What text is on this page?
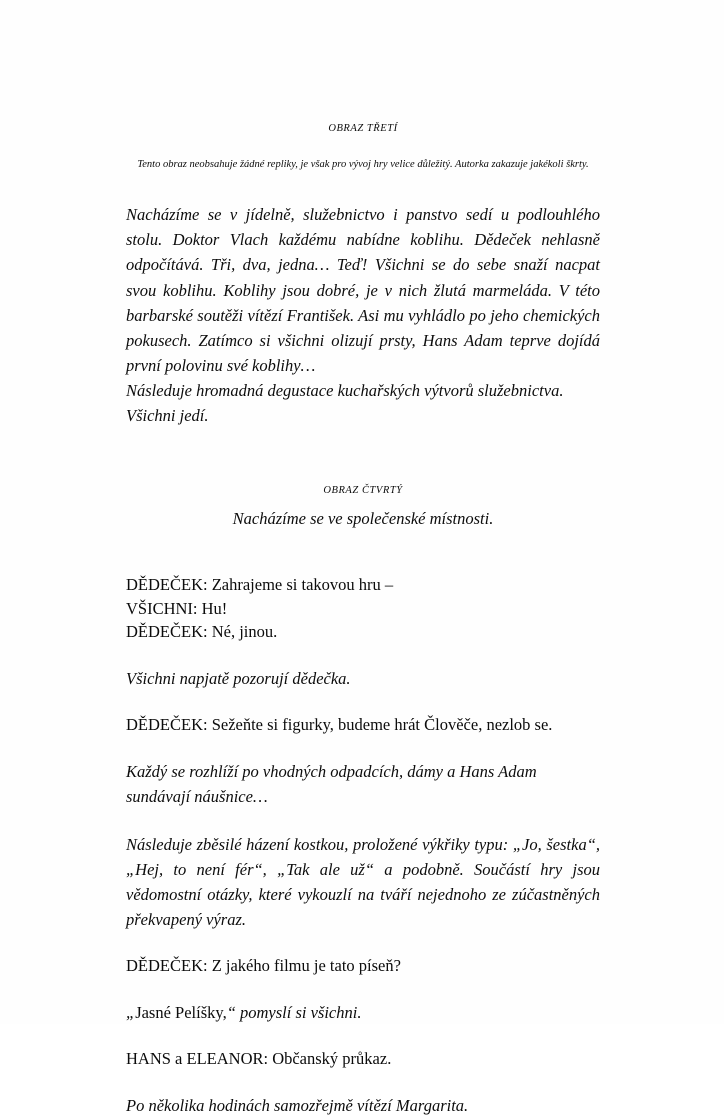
OBRAZ TŘETÍ
Tento obraz neobsahuje žádné repliky, je však pro vývoj hry velice důležitý. Autorka zakazuje jakékoli škrty.
Nacházíme se v jídelně, služebnictvo i panstvo sedí u podlouhlého stolu. Doktor Vlach každému nabídne koblihu. Dědeček nehlasně odpočítává. Tři, dva, jedna… Teď! Všichni se do sebe snaží nacpat svou koblihu. Koblihy jsou dobré, je v nich žlutá marmeláda. V této barbarské soutěži vítězí František. Asi mu vyhládlo po jeho chemických pokusech. Zatímco si všichni olizují prsty, Hans Adam teprve dojídá první polovinu své koblihy…
Následuje hromadná degustace kuchařských výtvorů služebnictva. Všichni jedí.
OBRAZ ČTVRTÝ
Nacházíme se ve společenské místnosti.
DĚDEČEK: Zahrajeme si takovou hru –
VŠICHNI: Hu!
DĚDEČEK: Né, jinou.
Všichni napjatě pozorují dědečka.
DĚDEČEK: Sežeňte si figurky, budeme hrát Člověče, nezlob se.
Každý se rozhlíží po vhodných odpadcích, dámy a Hans Adam sundávají náušnice…
Následuje zběsilé házení kostkou, proložené výkřiky typu: „Jo, šestka“, „Hej, to není fér“, „Tak ale už“ a podobně. Součástí hry jsou vědomostní otázky, které vykouzlí na tváří nejednoho ze zúčastněných překvapený výraz.
DĚDEČEK: Z jakého filmu je tato píseň?
„Jasné Pelíšky,“ pomyslí si všichni.
HANS a ELEANOR: Občanský průkaz.
Po několika hodinách samozřejmě vítězí Margarita.
